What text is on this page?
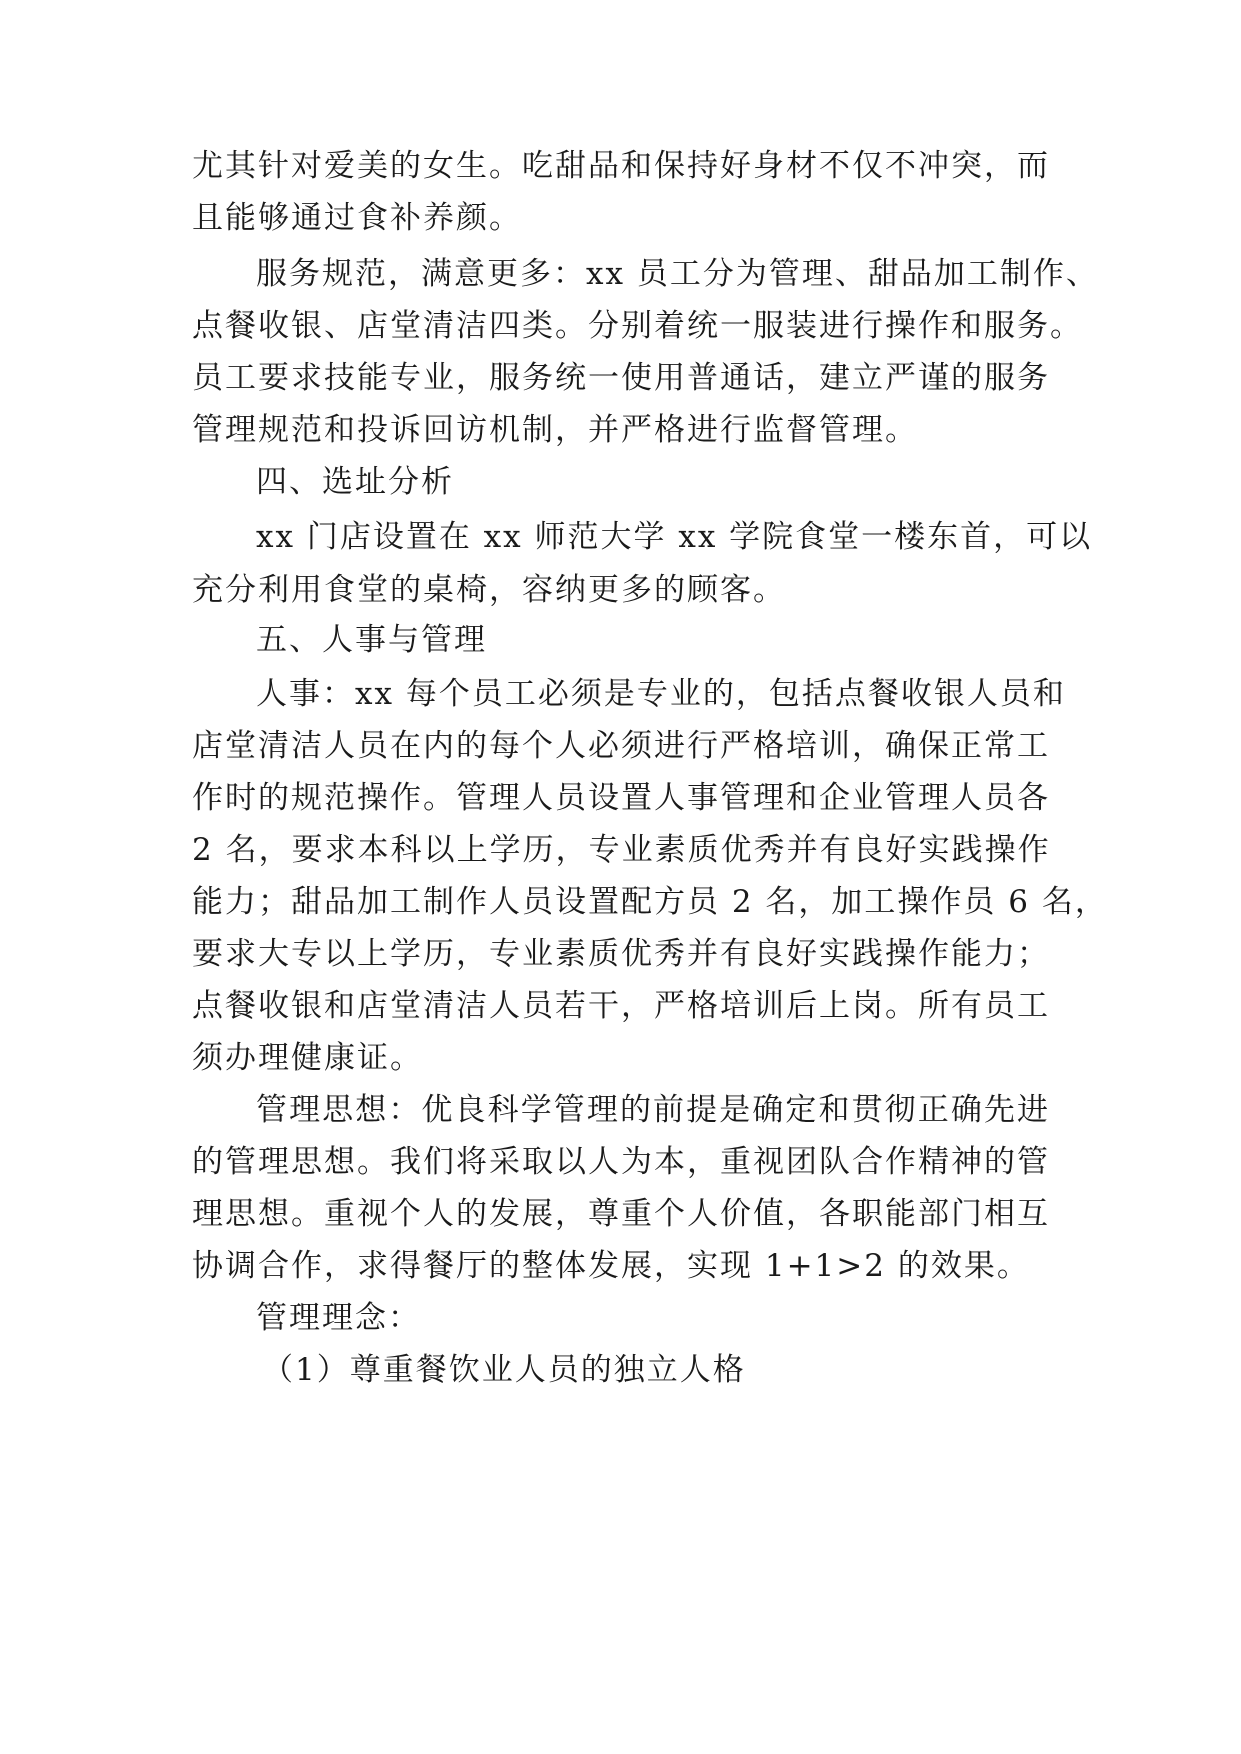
尤其针对爱美的女生。吃甜品和保持好身材不仅不冲突，而
且能够通过食补养颜。
服务规范，满意更多：xx 员工分为管理、甜品加工制作、
点餐收银、店堂清洁四类。分别着统一服装进行操作和服务。
员工要求技能专业，服务统一使用普通话，建立严谨的服务
管理规范和投诉回访机制，并严格进行监督管理。
四、选址分析
xx 门店设置在 xx 师范大学 xx 学院食堂一楼东首，可以
充分利用食堂的桌椅，容纳更多的顾客。
五、人事与管理
人事：xx 每个员工必须是专业的，包括点餐收银人员和
店堂清洁人员在内的每个人必须进行严格培训，确保正常工
作时的规范操作。管理人员设置人事管理和企业管理人员各
2 名，要求本科以上学历，专业素质优秀并有良好实践操作
能力；甜品加工制作人员设置配方员 2 名，加工操作员 6 名，
要求大专以上学历，专业素质优秀并有良好实践操作能力；
点餐收银和店堂清洁人员若干，严格培训后上岗。所有员工
须办理健康证。
管理思想：优良科学管理的前提是确定和贯彻正确先进
的管理思想。我们将采取以人为本，重视团队合作精神的管
理思想。重视个人的发展，尊重个人价值，各职能部门相互
协调合作，求得餐厅的整体发展，实现 1+1>2 的效果。
管理理念：
（1）尊重餐饮业人员的独立人格
